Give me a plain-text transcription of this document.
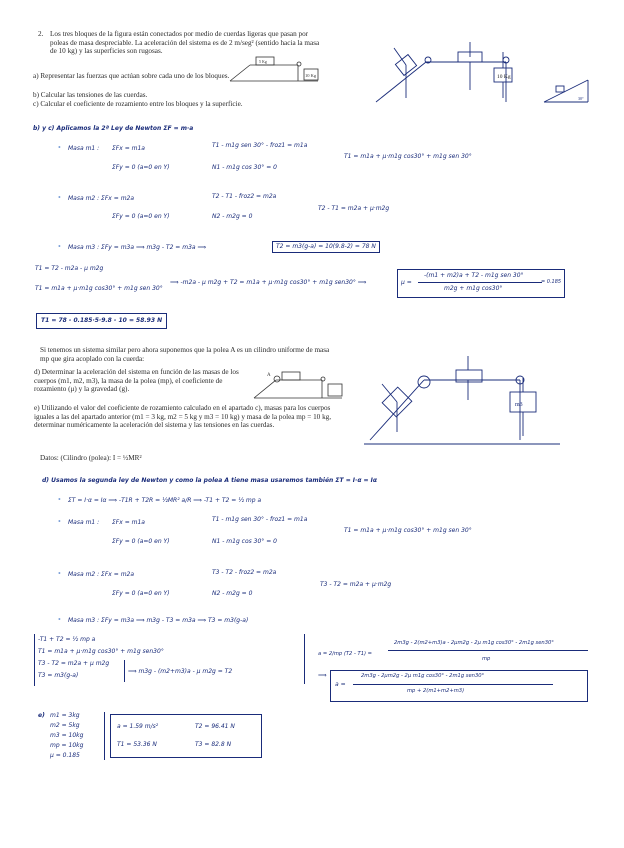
2. Los tres bloques de la figura están conectados por medio de cuerdas ligeras que pasan por poleas de masa despreciable. La aceleración del sistema es de 2 m/seg² (sentido hacia la masa de 10 kg) y las superficies son rugosas.
a) Representar las fuerzas que actúan sobre cada uno de los bloques.
b) Calcular las tensiones de las cuerdas.
c) Calcular el coeficiente de rozamiento entre los bloques y la superficie.
5 Kg
10 Kg	10 Kg
30°
b) y c) Aplicamos la 2ª Ley de Newton ΣF = m·a
• Masa m1 : ΣFx = m1a	T1 - m1g sen 30° - froz1 = m1a
ΣFy = 0 (a=0 en Y)	N1 - m1g cos 30° = 0
T1 = m1a + μ·m1g cos30° + m1g sen 30°
• Masa m2 : ΣFx = m2a	T2 - T1 - froz2 = m2a
ΣFy = 0 (a=0 en Y)	N2 - m2g = 0
T2 - T1 = m2a + μ·m2g
• Masa m3 : ΣFy = m3a ⟹ m3g - T2 = m3a ⟹	T2 = m3(g-a) = 10(9.8-2) = 78 N
T1 = T2 - m2a - μ m2g
T1 = m1a + μ·m1g cos30° + m1g sen 30°
⟹ -m2a - μ m2g + T2 = m1a + μ·m1g cos30° + m1g sen30° ⟹	μ =
-(m1 + m2)a + T2 - m1g sen 30°
m2g + m1g cos30°
= 0.185
T1 = 78 - 0.185·5·9.8 - 10 = 58.93 N
Si tenemos un sistema similar pero ahora suponemos que la polea A es un cilindro uniforme de masa mp que gira acoplado con la cuerda:
d) Determinar la aceleración del sistema en función de las masas de los cuerpos (m1, m2, m3), la masa de la polea (mp), el coeficiente de rozamiento (μ) y la gravedad (g).
e) Utilizando el valor del coeficiente de rozamiento calculado en el apartado c), masas para los cuerpos iguales a las del apartado anterior (m1 = 3 kg, m2 = 5 kg y m3 = 10 kg) y masa de la polea mp = 10 kg, determinar numéricamente la aceleración del sistema y las tensiones en las cuerdas.
Datos: (Cilindro (polea): I = ½MR²
A
m3
d) Usamos la segunda ley de Newton y como la polea A tiene masa usaremos también ΣT = I·α = Iα
• ΣT = I·α = Iα ⟹ -T1R + T2R = ½MR² a/R ⟹ -T1 + T2 = ½ mp a
• Masa m1 : ΣFx = m1a	T1 - m1g sen 30° - froz1 = m1a
ΣFy = 0 (a=0 en Y)	N1 - m1g cos 30° = 0
T1 = m1a + μ·m1g cos30° + m1g sen 30°
• Masa m2 : ΣFx = m2a	T3 - T2 - froz2 = m2a
ΣFy = 0 (a=0 en Y)	N2 - m2g = 0
T3 - T2 = m2a + μ·m2g
• Masa m3 : ΣFy = m3a ⟹ m3g - T3 = m3a ⟹ T3 = m3(g-a)
-T1 + T2 = ½ mp a
T1 = m1a + μ·m1g cos30° + m1g sen30°
T3 - T2 = m2a + μ m2g
T3 = m3(g-a)
⟹ m3g - (m2+m3)a - μ m2g = T2
a = 2/mp (T2 - T1) =
2m3g - 2(m2+m3)a - 2μm2g - 2μ m1g cos30° - 2m1g sen30°
mp
⟹
a =
2m3g - 2μm2g - 2μ m1g cos30° - 2m1g sen30°
mp + 2(m1+m2+m3)
e) m1 = 3kg
m2 = 5kg
m3 = 10kg
mp = 10kg
μ = 0.185
a = 1.59 m/s²	T2 = 96.41 N
T1 = 53.36 N	T3 = 82.8 N
